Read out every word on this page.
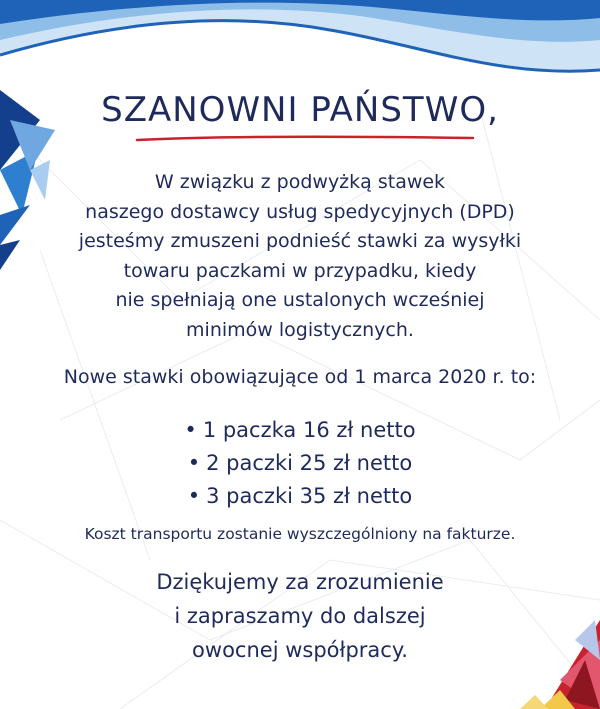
SZANOWNI PAŃSTWO,
W związku z podwyżką stawek
naszego dostawcy usług spedycyjnych (DPD)
jesteśmy zmuszeni podnieść stawki za wysyłki
towaru paczkami w przypadku, kiedy
nie spełniają one ustalonych wcześniej
minimów logistycznych.
Nowe stawki obowiązujące od 1 marca 2020 r. to:
• 1 paczka 16 zł netto
• 2 paczki 25 zł netto
• 3 paczki 35 zł netto
Koszt transportu zostanie wyszczególniony na fakturze.
Dziękujemy za zrozumienie
i zapraszamy do dalszej
owocnej współpracy.
